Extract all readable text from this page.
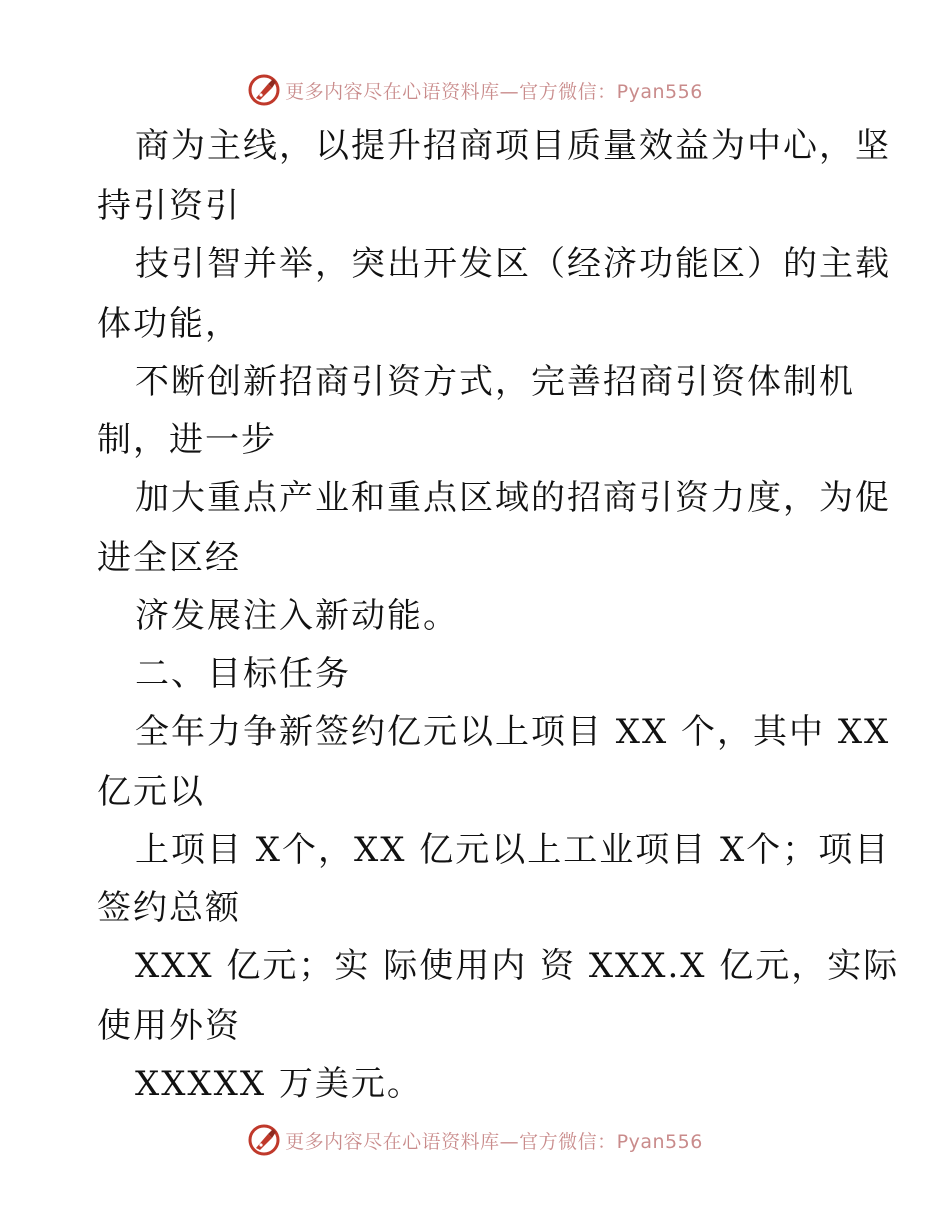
更多内容尽在心语资料库—官方微信：Pyan556
商为主线，以提升招商项目质量效益为中心，坚
持引资引
技引智并举，突出开发区（经济功能区）的主载
体功能，
不断创新招商引资方式，完善招商引资体制机
制，进一步
加大重点产业和重点区域的招商引资力度，为促
进全区经
济发展注入新动能。
二、目标任务
全年力争新签约亿元以上项目 XX 个，其中 XX
亿元以
上项目 X个，XX 亿元以上工业项目 X个；项目
签约总额
XXX 亿元；实 际使用内 资 XXX.X 亿元，实际
使用外资
XXXXX 万美元。
更多内容尽在心语资料库—官方微信：Pyan556
